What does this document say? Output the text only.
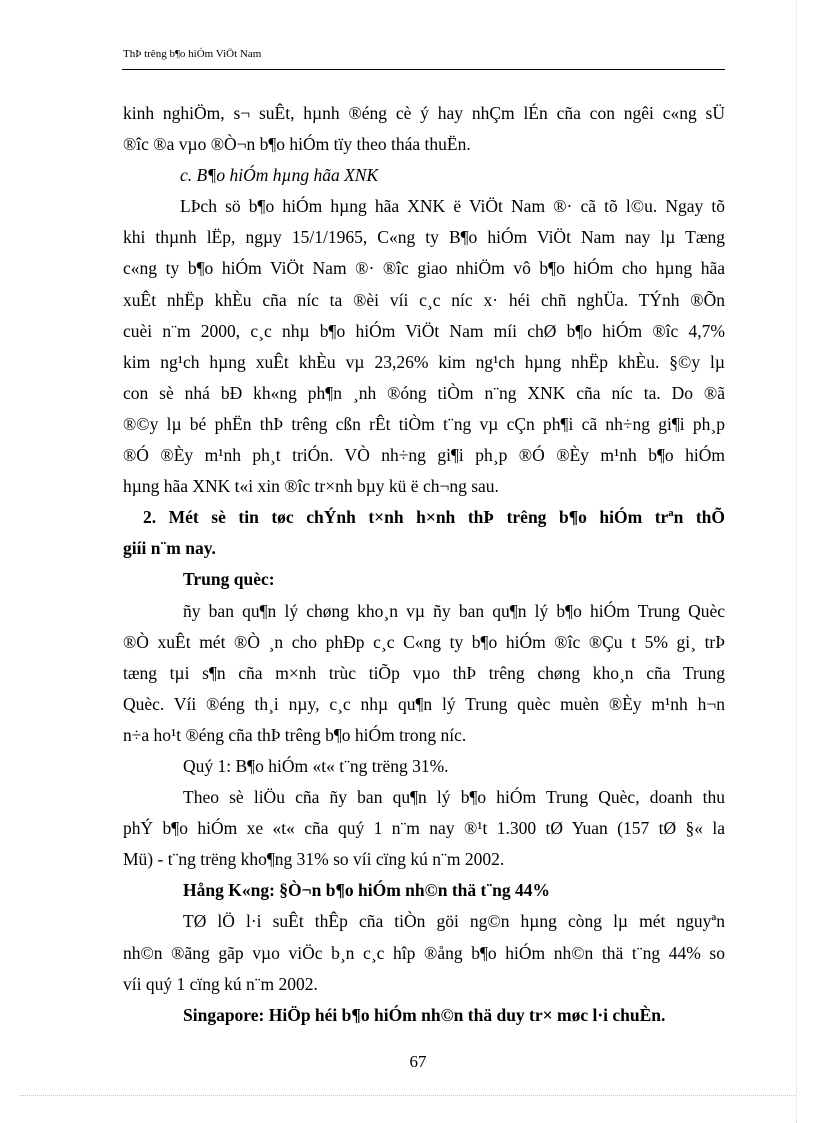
ThÞ trêng b¶o hiÓm ViÖt Nam
kinh nghiÖm, s¬ suÊt, hµnh ®éng cè ý hay nhÇm lÉn cña con ngêi c«ng sÜ
®îc ®a vµo ®Ò¬n b¶o hiÓm tïy theo tháa thuËn.
c. B¶o hiÓm hµng hãa XNK
LÞch sö b¶o hiÓm hµng hãa XNK ë ViÖt Nam ®· cã tõ l©u. Ngay tõ
khi thµnh lËp, ngµy 15/1/1965, C«ng ty B¶o hiÓm ViÖt Nam nay lµ Tæng
c«ng ty b¶o hiÓm ViÖt Nam ®· ®îc giao nhiÖm vô b¶o hiÓm cho hµng hãa
xuÊt nhËp khÈu cña níc ta ®èi víi c¸c níc x· héi chñ nghÜa. TÝnh ®Õn
cuèi n¨m 2000, c¸c nhµ b¶o hiÓm ViÖt Nam míi chØ b¶o hiÓm ®îc 4,7%
kim ng¹ch hµng xuÊt khÈu vµ 23,26% kim ng¹ch hµng nhËp khÈu. §©y lµ
con sè nhá bÐ kh«ng ph¶n ¸nh ®óng tiÒm n¨ng XNK cña níc ta. Do ®ã
®©y lµ bé phËn thÞ trêng cßn rÊt tiÒm t¨ng vµ cÇn ph¶i cã nh÷ng gi¶i ph¸p
®Ó ®Èy m¹nh ph¸t triÓn. VÒ nh÷ng gi¶i ph¸p ®Ó ®Èy m¹nh b¶o hiÓm
hµng hãa XNK t«i xin ®îc tr×nh bµy kü ë ch¬ng sau.
2. Mét sè tin tøc chÝnh t×nh h×nh thÞ trêng b¶o hiÓm trªn thÕ
giíi n¨m nay.
Trung quèc:
ñy ban qu¶n lý chøng kho¸n vµ ñy ban qu¶n lý b¶o hiÓm Trung Quèc
®Ò xuÊt mét ®Ò ¸n cho phÐp c¸c C«ng ty b¶o hiÓm ®îc ®Çu t 5% gi¸ trÞ
tæng tµi s¶n cña m×nh trùc tiÕp vµo thÞ trêng chøng kho¸n cña Trung
Quèc. Víi ®éng th¸i nµy, c¸c nhµ qu¶n lý Trung quèc muèn ®Èy m¹nh h¬n
n÷a ho¹t ®éng cña thÞ trêng b¶o hiÓm trong níc.
Quý 1: B¶o hiÓm «t« t¨ng trëng 31%.
Theo sè liÖu cña ñy ban qu¶n lý b¶o hiÓm Trung Quèc, doanh thu
phÝ b¶o hiÓm xe «t« cña quý 1 n¨m nay ®¹t 1.300 tØ Yuan (157 tØ §« la
Mü) - t¨ng trëng kho¶ng 31% so víi cïng kú n¨m 2002.
Hång K«ng: §Ò¬n b¶o hiÓm nh©n thä t¨ng 44%
TØ lÖ l·i suÊt thÊp cña tiÒn göi ng©n hµng còng lµ mét nguyªn
nh©n ®ãng gãp vµo viÖc b¸n c¸c hîp ®ång b¶o hiÓm nh©n thä t¨ng 44% so
víi quý 1 cïng kú n¨m 2002.
Singapore: HiÖp héi b¶o hiÓm nh©n thä duy tr× møc l·i chuÈn.
67
